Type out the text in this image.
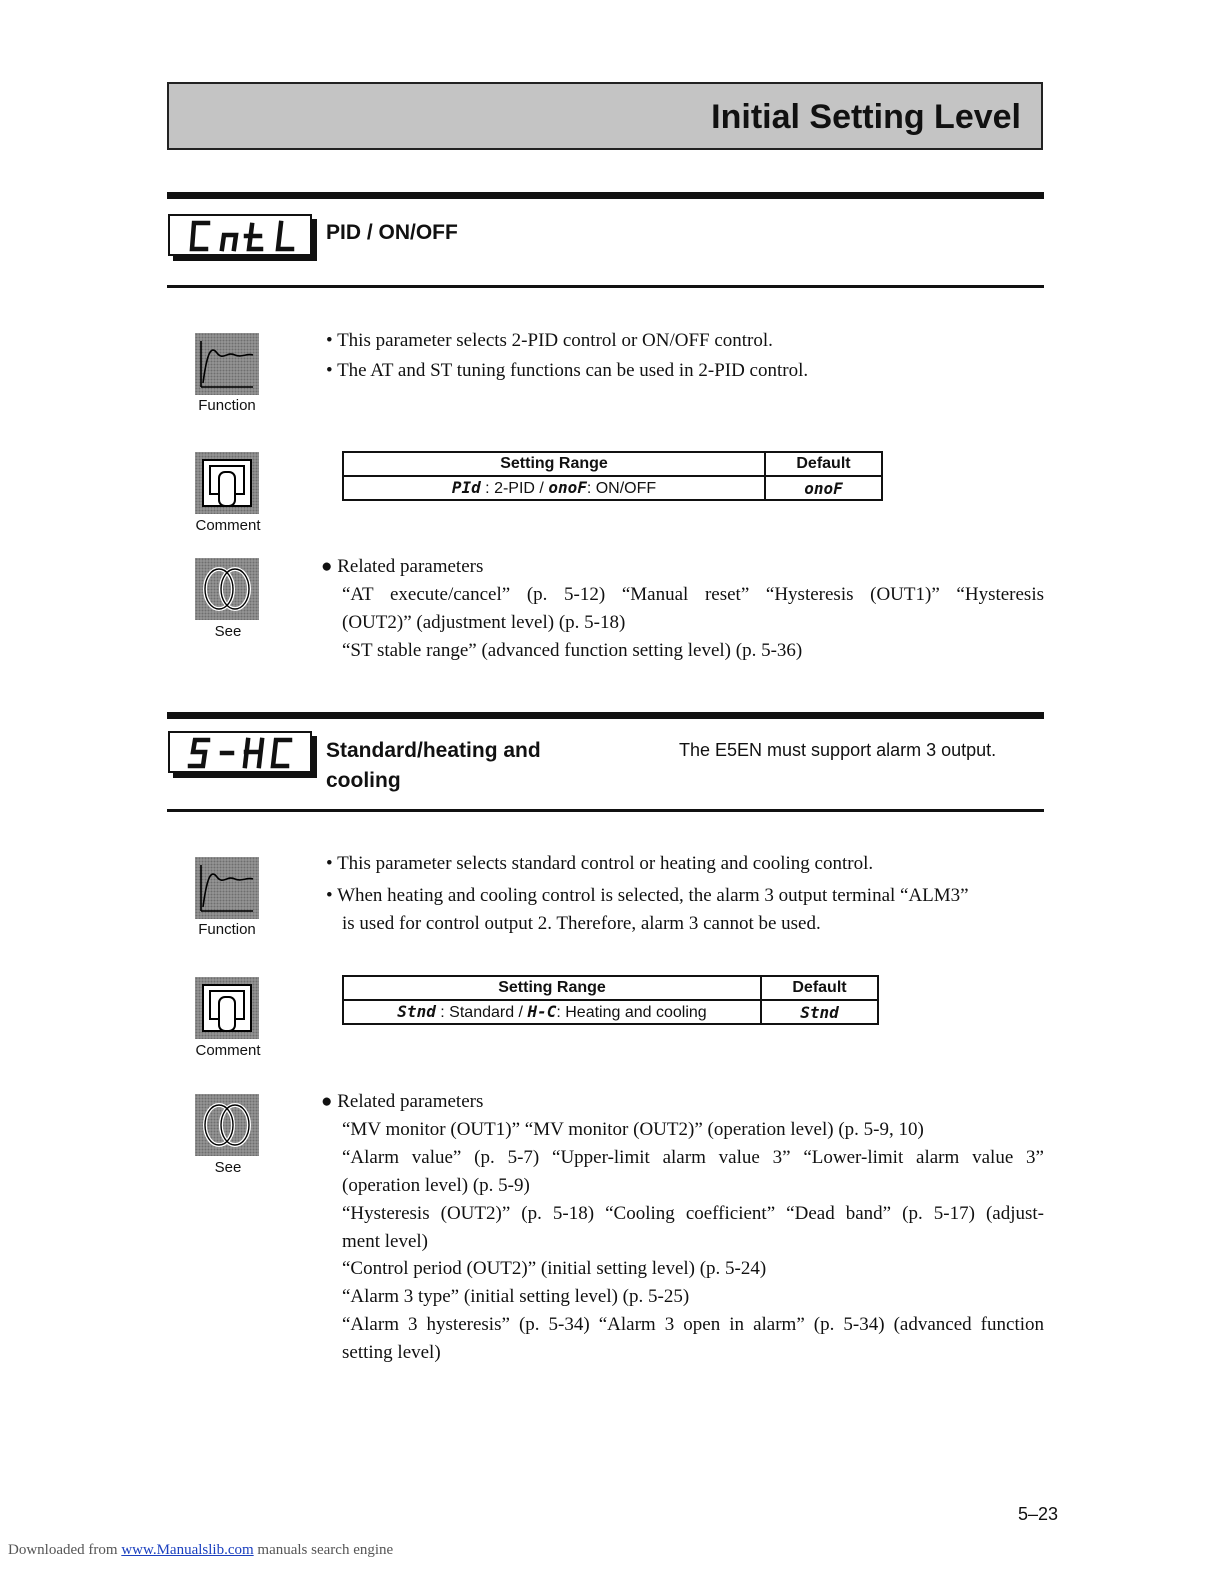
Initial Setting Level
PID / ON/OFF
Function
• This parameter selects 2-PID control or ON/OFF control.
• The AT and ST tuning functions can be used in 2-PID control.
Comment
Setting Range	Default
PId : 2-PID / onoF: ON/OFF	onoF
See
● Related parameters
“AT execute/cancel” (p. 5-12) “Manual reset” “Hysteresis (OUT1)” “Hysteresis
(OUT2)” (adjustment level) (p. 5-18)
“ST stable range” (advanced function setting level) (p. 5-36)
Standard/heating and
cooling
The E5EN must support alarm 3 output.
Function
• This parameter selects standard control or heating and cooling control.
• When heating and cooling control is selected, the alarm 3 output terminal “ALM3”
is used for control output 2. Therefore, alarm 3 cannot be used.
Comment
Setting Range	Default
Stnd : Standard / H-C: Heating and cooling	Stnd
See
● Related parameters
“MV monitor (OUT1)” “MV monitor (OUT2)” (operation level) (p. 5-9, 10)
“Alarm value” (p. 5-7) “Upper-limit alarm value 3” “Lower-limit alarm value 3”
(operation level) (p. 5-9)
“Hysteresis (OUT2)” (p. 5-18) “Cooling coefficient” “Dead band” (p. 5-17) (adjust-
ment level)
“Control period (OUT2)” (initial setting level) (p. 5-24)
“Alarm 3 type” (initial setting level) (p. 5-25)
“Alarm 3 hysteresis” (p. 5-34) “Alarm 3 open in alarm” (p. 5-34) (advanced function
setting level)
5–23
Downloaded from www.Manualslib.com manuals search engine
